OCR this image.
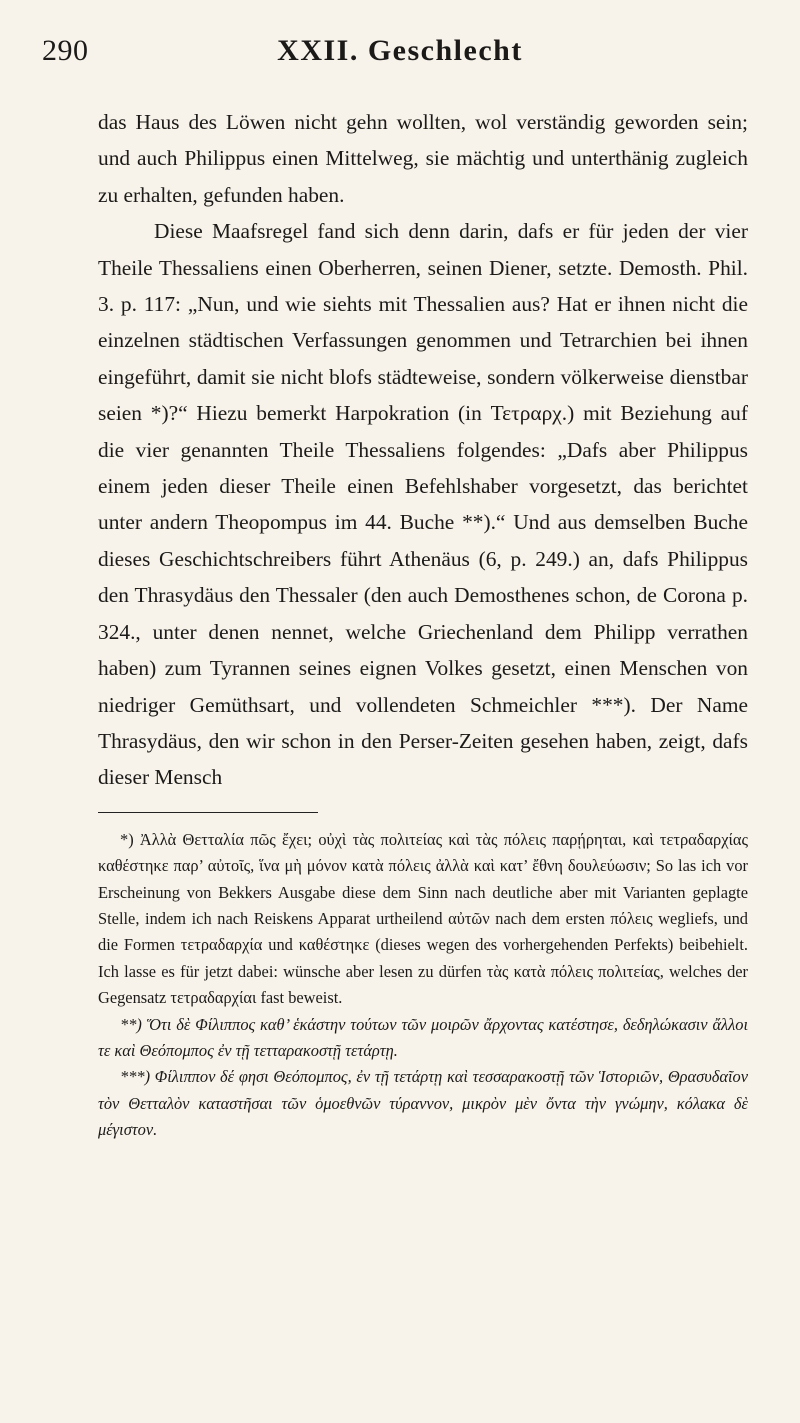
290	XXII. Geschlecht

das Haus des Löwen nicht gehn wollten, wol verständig geworden sein; und auch Philippus einen Mittelweg, sie mächtig und unterthänig zugleich zu erhalten, gefunden haben.

Diese Maafsregel fand sich denn darin, dafs er für jeden der vier Theile Thessaliens einen Oberherren, seinen Diener, setzte. Demosth. Phil. 3. p. 117: „Nun, und wie siehts mit Thessalien aus? Hat er ihnen nicht die einzelnen städtischen Verfassungen genommen und Tetrarchien bei ihnen eingeführt, damit sie nicht blofs städteweise, sondern völkerweise dienstbar seien *)?“ Hiezu bemerkt Harpokration (in Τετραρχ.) mit Beziehung auf die vier genannten Theile Thessaliens folgendes: „Dafs aber Philippus einem jeden dieser Theile einen Befehlshaber vorgesetzt, das berichtet unter andern Theopompus im 44. Buche **).“ Und aus demselben Buche dieses Geschichtschreibers führt Athenäus (6, p. 249.) an, dafs Philippus den Thrasydäus den Thessaler (den auch Demosthenes schon, de Corona p. 324., unter denen nennet, welche Griechenland dem Philipp verrathen haben) zum Tyrannen seines eignen Volkes gesetzt, einen Menschen von niedriger Gemüthsart, und vollendeten Schmeichler ***). Der Name Thrasydäus, den wir schon in den Perser-Zeiten gesehen haben, zeigt, dafs dieser Mensch

*) Ἀλλὰ Θετταλία πῶς ἔχει; οὐχὶ τὰς πολιτείας καὶ τὰς πόλεις παρῄρηται, καὶ τετραδαρχίας καθέστηκε παρ’ αὐτοῖς, ἵνα μὴ μόνον κατὰ πόλεις ἀλλὰ καὶ κατ’ ἔθνη δουλεύωσιν; So las ich vor Erscheinung von Bekkers Ausgabe diese dem Sinn nach deutliche aber mit Varianten geplagte Stelle, indem ich nach Reiskens Apparat urtheilend αὐτῶν nach dem ersten πόλεις wegliefs, und die Formen τετραδαρχία und καθέστηκε (dieses wegen des vorhergehenden Perfekts) beibehielt. Ich lasse es für jetzt dabei: wünsche aber lesen zu dürfen τὰς κατὰ πόλεις πολιτείας, welches der Gegensatz τετραδαρχίαι fast beweist.

**) Ὅτι δὲ Φίλιππος καθ’ ἑκάστην τούτων τῶν μοιρῶν ἄρχοντας κατέστησε, δεδηλώκασιν ἄλλοι τε καὶ Θεόπομπος ἐν τῇ τετταρακοστῇ τετάρτῃ.

***) Φίλιππον δέ φησι Θεόπομπος, ἐν τῇ τετάρτῃ καὶ τεσσαρακοστῇ τῶν Ἱστοριῶν, Θρασυδαῖον τὸν Θετταλὸν καταστῆσαι τῶν ὁμοεθνῶν τύραννον, μικρὸν μὲν ὄντα τὴν γνώμην, κόλακα δὲ μέγιστον.
